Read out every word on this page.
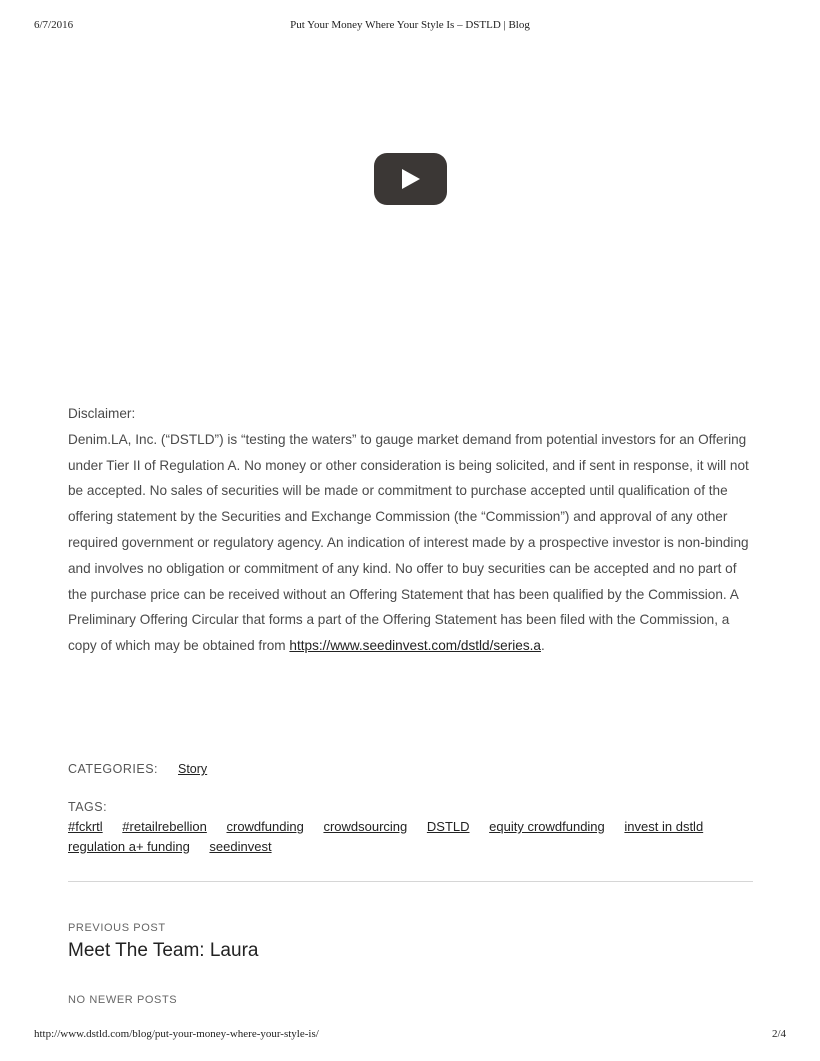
6/7/2016	Put Your Money Where Your Style Is – DSTLD | Blog

Disclaimer:

Denim.LA, Inc. (“DSTLD”) is “testing the waters” to gauge market demand from potential investors for an Offering under Tier II of Regulation A. No money or other consideration is being solicited, and if sent in response, it will not be accepted. No sales of securities will be made or commitment to purchase accepted until qualification of the offering statement by the Securities and Exchange Commission (the “Commission”) and approval of any other required government or regulatory agency. An indication of interest made by a prospective investor is non-binding and involves no obligation or commitment of any kind. No offer to buy securities can be accepted and no part of the purchase price can be received without an Offering Statement that has been qualified by the Commission. A Preliminary Offering Circular that forms a part of the Offering Statement has been filed with the Commission, a copy of which may be obtained from https://www.seedinvest.com/dstld/series.a.

CATEGORIES: Story
TAGS:
#fckrtl #retailrebellion crowdfunding crowdsourcing DSTLD equity crowdfunding invest in dstld
regulation a+ funding seedinvest
PREVIOUS POST
Meet The Team: Laura
NO NEWER POSTS
http://www.dstld.com/blog/put-your-money-where-your-style-is/	2/4
